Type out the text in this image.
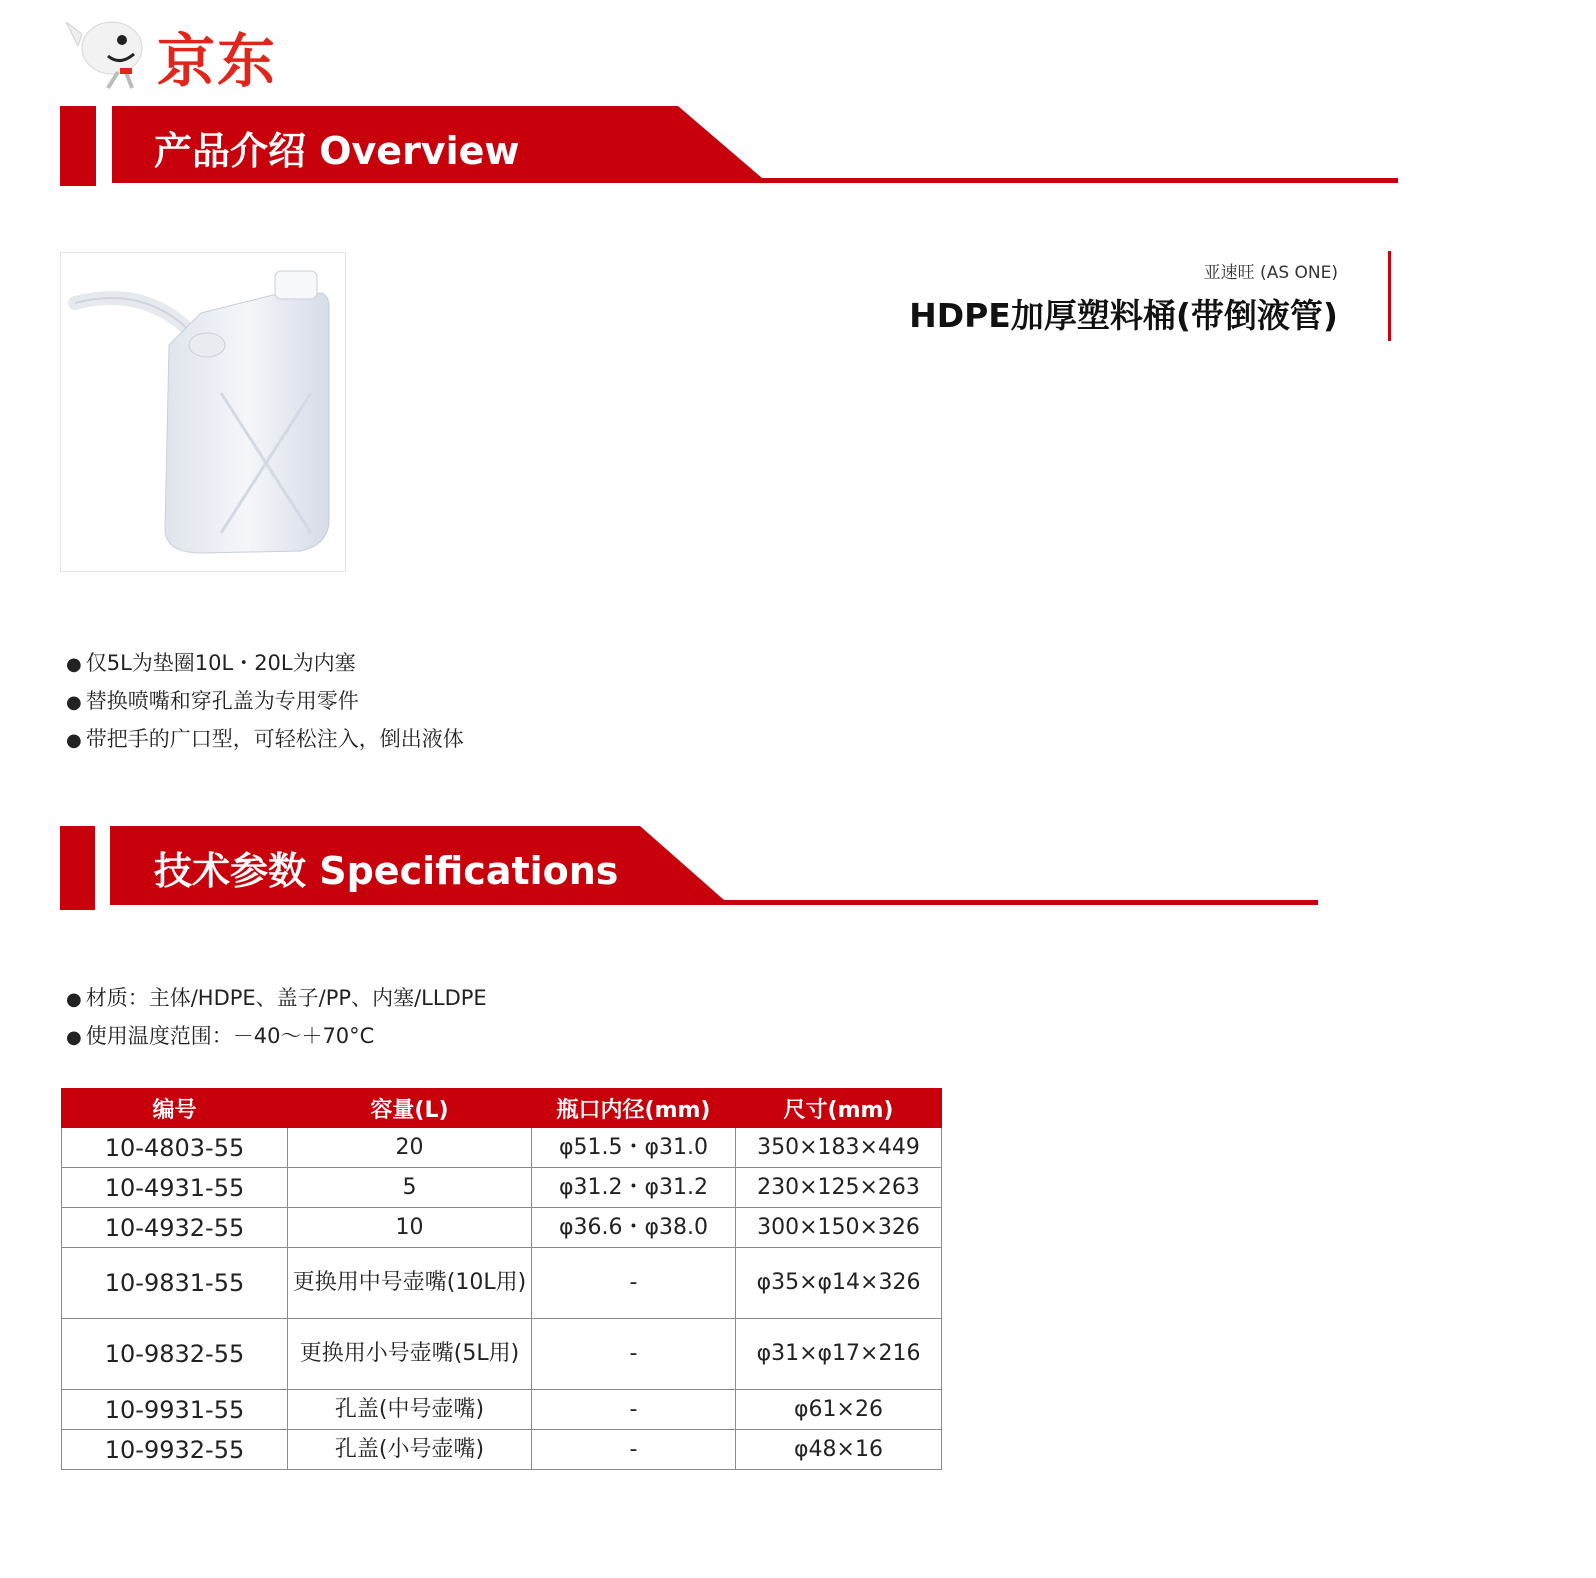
京东
产品介绍 Overview
亚速旺 (AS ONE)
HDPE加厚塑料桶(带倒液管)
● 仅5L为垫圈10L・20L为内塞
● 替换喷嘴和穿孔盖为专用零件
● 带把手的广口型，可轻松注入，倒出液体
技术参数 Specifications
● 材质：主体/HDPE、盖子/PP、内塞/LLDPE
● 使用温度范围：－40～＋70°C
编号	容量(L)	瓶口内径(mm)	尺寸(mm)
10-4803-55	20	φ51.5・φ31.0	350×183×449
10-4931-55	5	φ31.2・φ31.2	230×125×263
10-4932-55	10	φ36.6・φ38.0	300×150×326
10-9831-55	更换用中号壶嘴(10L用)	-	φ35×φ14×326
10-9832-55	更换用小号壶嘴(5L用)	-	φ31×φ17×216
10-9931-55	孔盖(中号壶嘴)	-	φ61×26
10-9932-55	孔盖(小号壶嘴)	-	φ48×16
